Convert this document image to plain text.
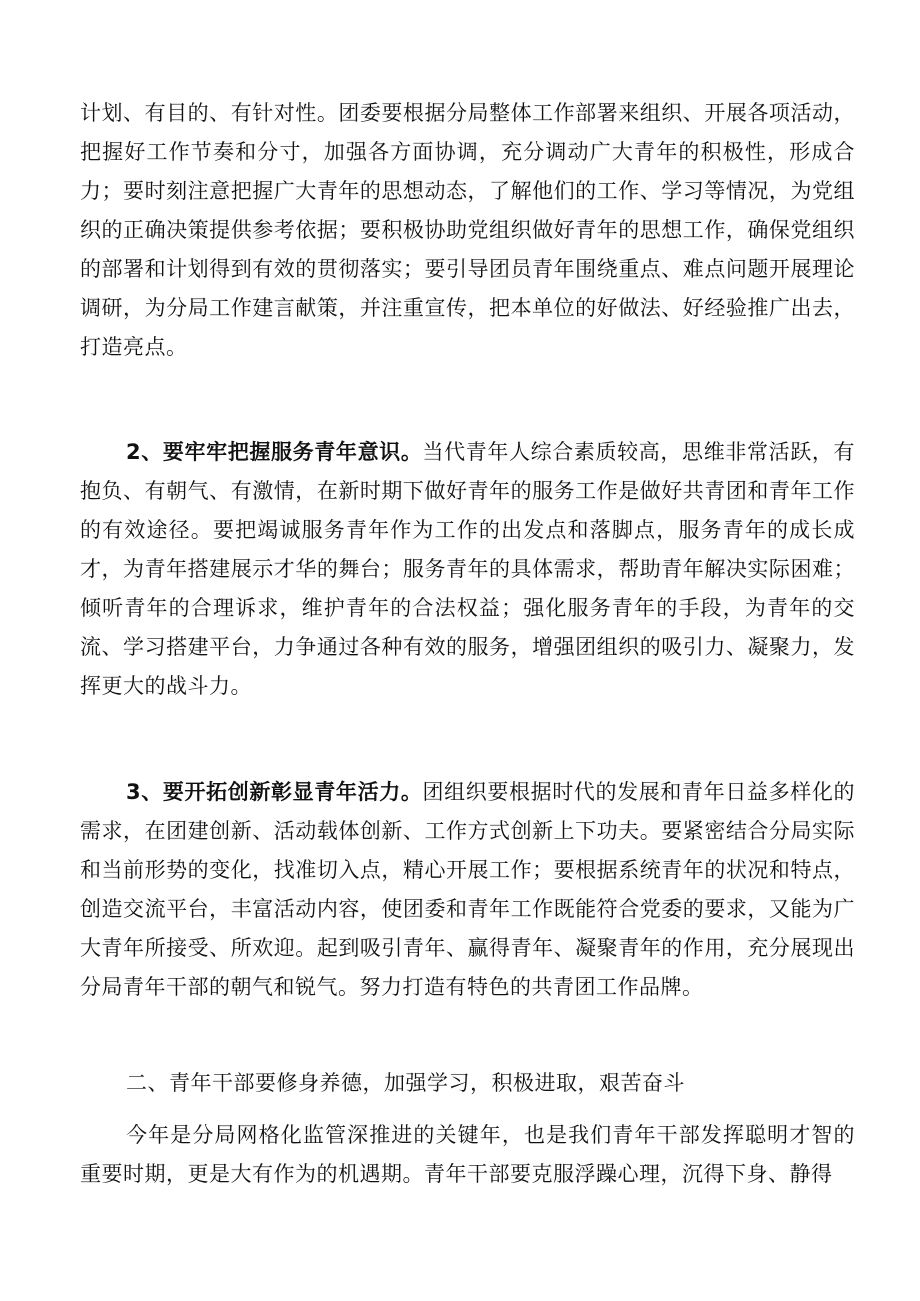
计划、有目的、有针对性。团委要根据分局整体工作部署来组织、开展各项活动，把握好工作节奏和分寸，加强各方面协调，充分调动广大青年的积极性，形成合力；要时刻注意把握广大青年的思想动态，了解他们的工作、学习等情况，为党组织的正确决策提供参考依据；要积极协助党组织做好青年的思想工作，确保党组织的部署和计划得到有效的贯彻落实；要引导团员青年围绕重点、难点问题开展理论调研，为分局工作建言献策，并注重宣传，把本单位的好做法、好经验推广出去，打造亮点。

2、要牢牢把握服务青年意识。当代青年人综合素质较高，思维非常活跃，有抱负、有朝气、有激情，在新时期下做好青年的服务工作是做好共青团和青年工作的有效途径。要把竭诚服务青年作为工作的出发点和落脚点，服务青年的成长成才，为青年搭建展示才华的舞台；服务青年的具体需求，帮助青年解决实际困难；倾听青年的合理诉求，维护青年的合法权益；强化服务青年的手段，为青年的交流、学习搭建平台，力争通过各种有效的服务，增强团组织的吸引力、凝聚力，发挥更大的战斗力。

3、要开拓创新彰显青年活力。团组织要根据时代的发展和青年日益多样化的需求，在团建创新、活动载体创新、工作方式创新上下功夫。要紧密结合分局实际和当前形势的变化，找准切入点，精心开展工作；要根据系统青年的状况和特点，创造交流平台，丰富活动内容，使团委和青年工作既能符合党委的要求，又能为广大青年所接受、所欢迎。起到吸引青年、赢得青年、凝聚青年的作用，充分展现出分局青年干部的朝气和锐气。努力打造有特色的共青团工作品牌。

二、青年干部要修身养德，加强学习，积极进取，艰苦奋斗

今年是分局网格化监管深推进的关键年，也是我们青年干部发挥聪明才智的重要时期，更是大有作为的机遇期。青年干部要克服浮躁心理，沉得下身、静得
